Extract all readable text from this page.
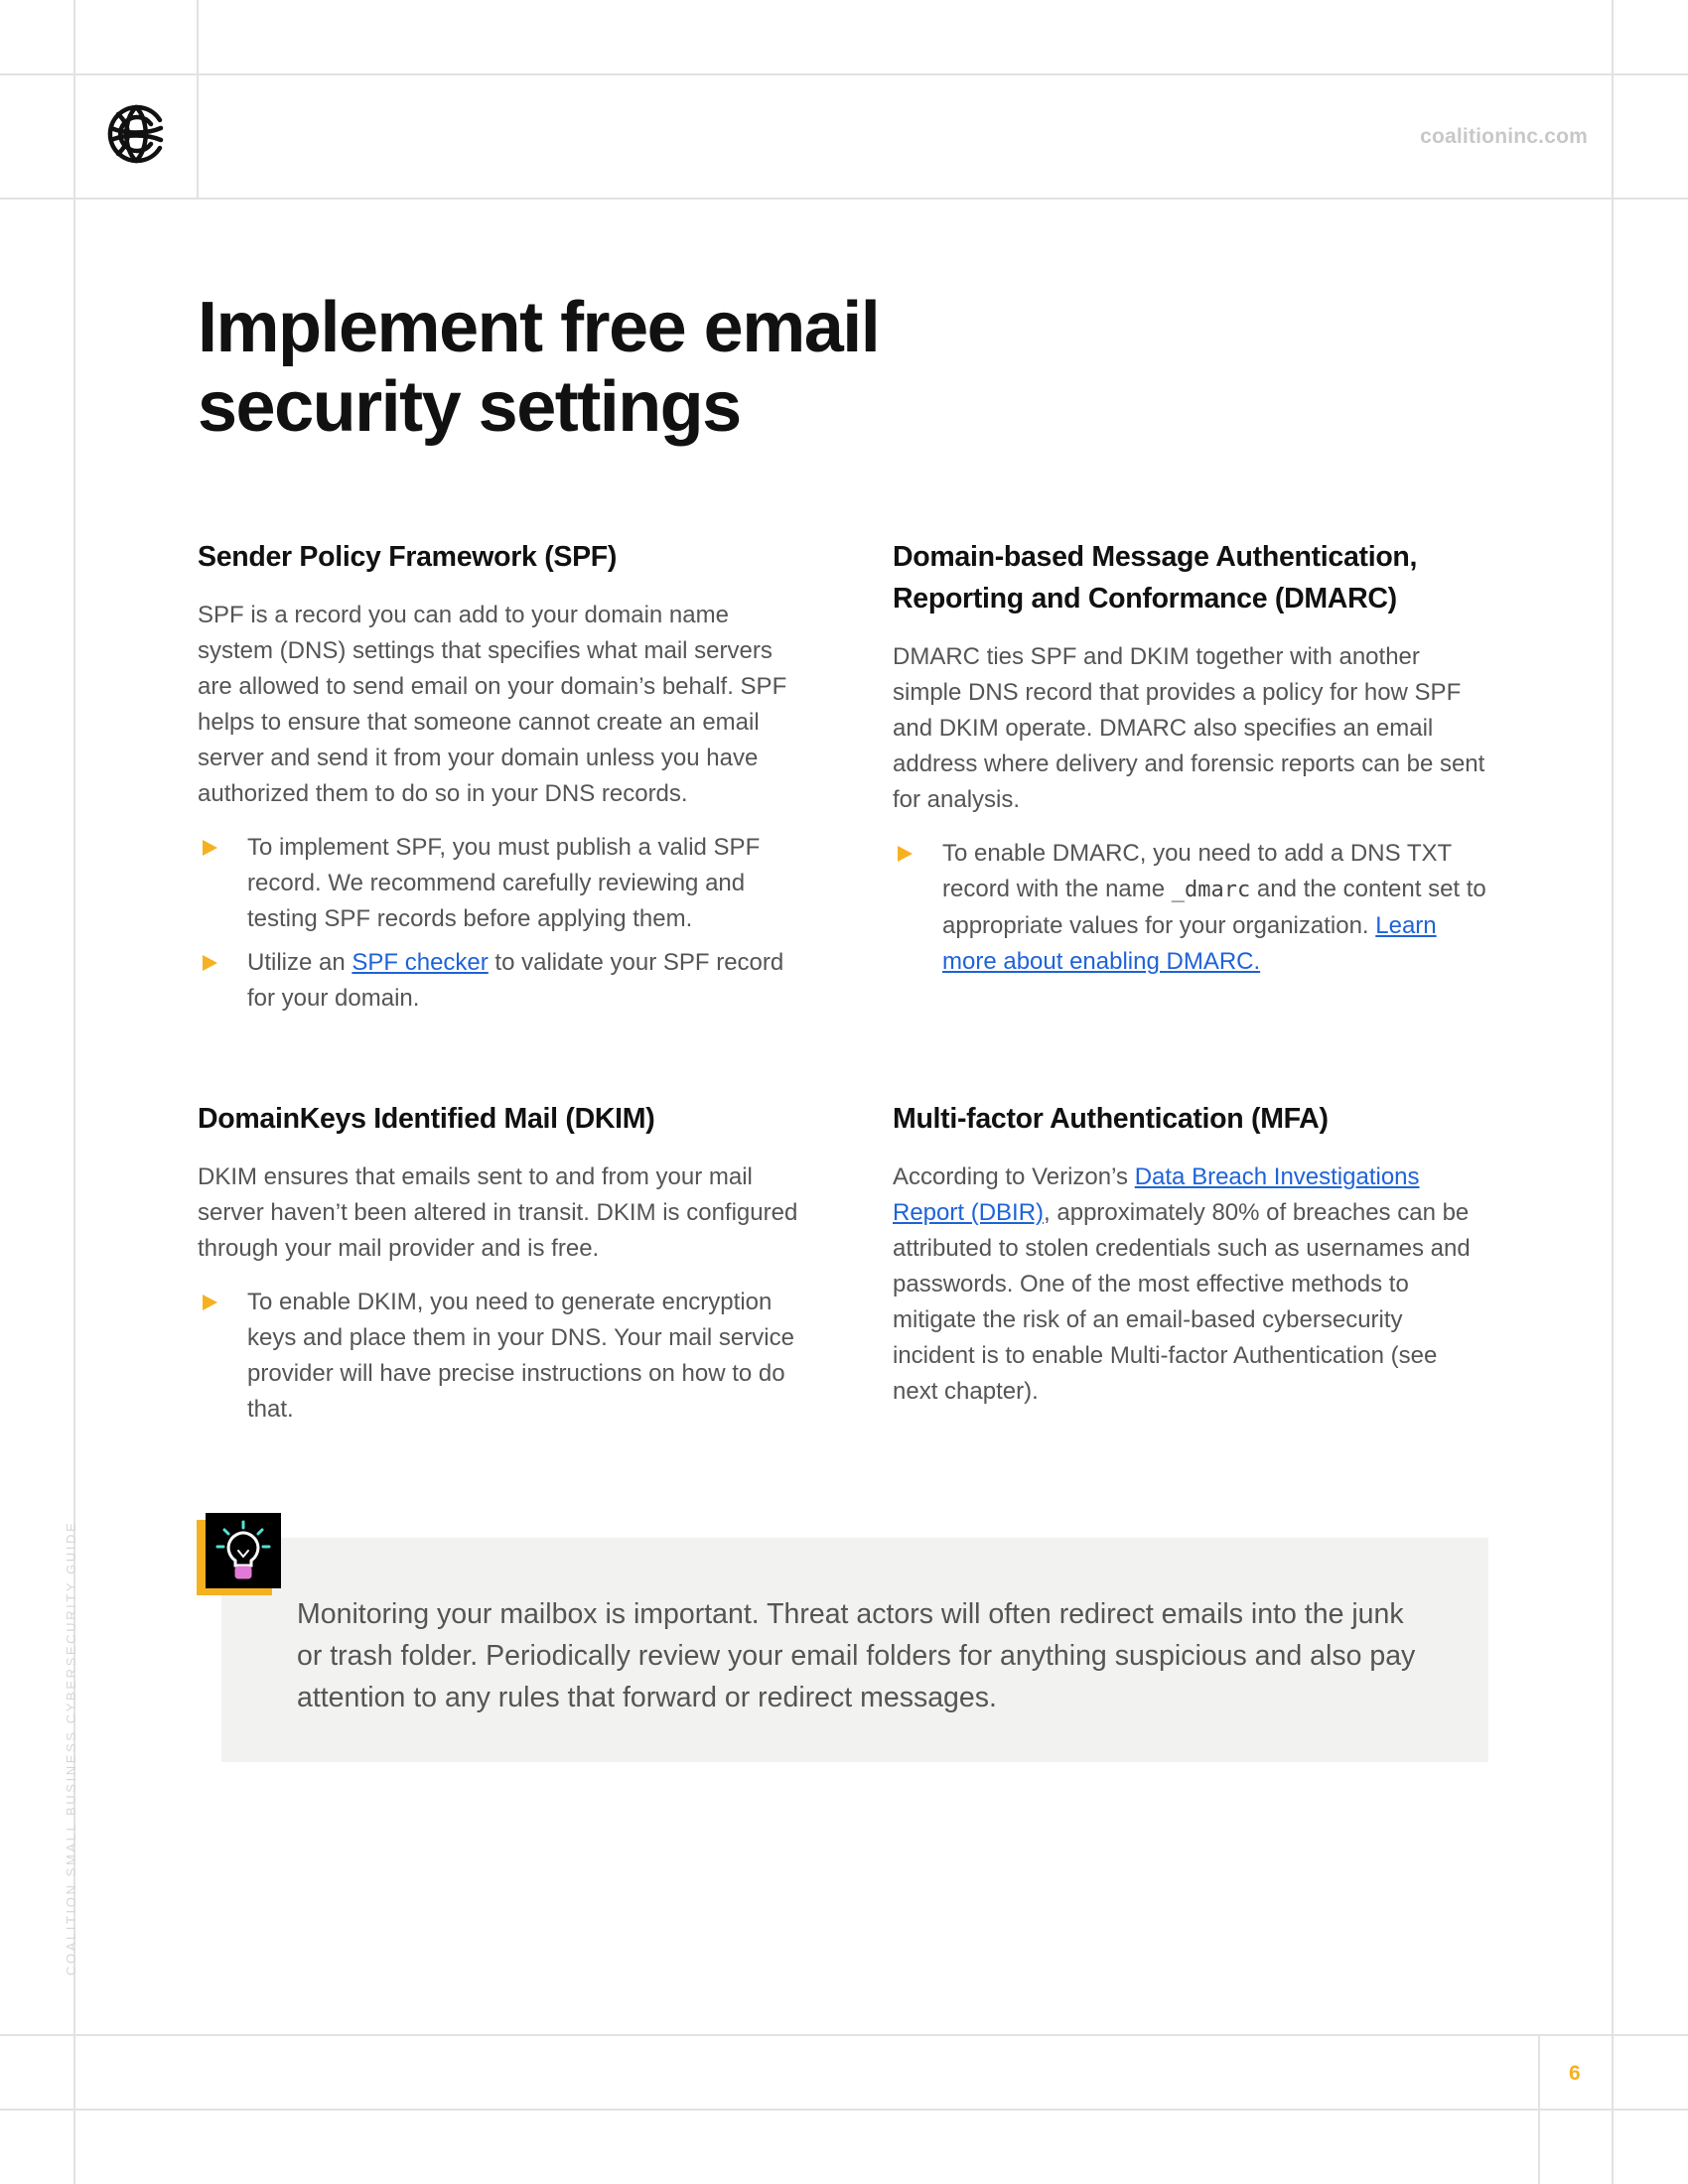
coalitioninc.com
Implement free email
security settings
Sender Policy Framework (SPF)

SPF is a record you can add to your domain name system (DNS) settings that specifies what mail servers are allowed to send email on your domain’s behalf. SPF helps to ensure that someone cannot create an email server and send it from your domain unless you have authorized them to do so in your DNS records.

To implement SPF, you must publish a valid SPF record. We recommend carefully reviewing and testing SPF records before applying them.
Utilize an SPF checker to validate your SPF record for your domain.
Domain-based Message Authentication, Reporting and Conformance (DMARC)

DMARC ties SPF and DKIM together with another simple DNS record that provides a policy for how SPF and DKIM operate. DMARC also specifies an email address where delivery and forensic reports can be sent for analysis.

To enable DMARC, you need to add a DNS TXT record with the name _dmarc and the content set to appropriate values for your organization. Learn more about enabling DMARC.
DomainKeys Identified Mail (DKIM)

DKIM ensures that emails sent to and from your mail server haven’t been altered in transit. DKIM is configured through your mail provider and is free.

To enable DKIM, you need to generate encryption keys and place them in your DNS. Your mail service provider will have precise instructions on how to do that.
Multi-factor Authentication (MFA)

According to Verizon’s Data Breach Investigations Report (DBIR), approximately 80% of breaches can be attributed to stolen credentials such as usernames and passwords. One of the most effective methods to mitigate the risk of an email-based cybersecurity incident is to enable Multi-factor Authentication (see next chapter).

Monitoring your mailbox is important. Threat actors will often redirect emails into the junk or trash folder. Periodically review your email folders for anything suspicious and also pay attention to any rules that forward or redirect messages.

COALITION SMALL BUSINESS CYBERSECURITY GUIDE
6
